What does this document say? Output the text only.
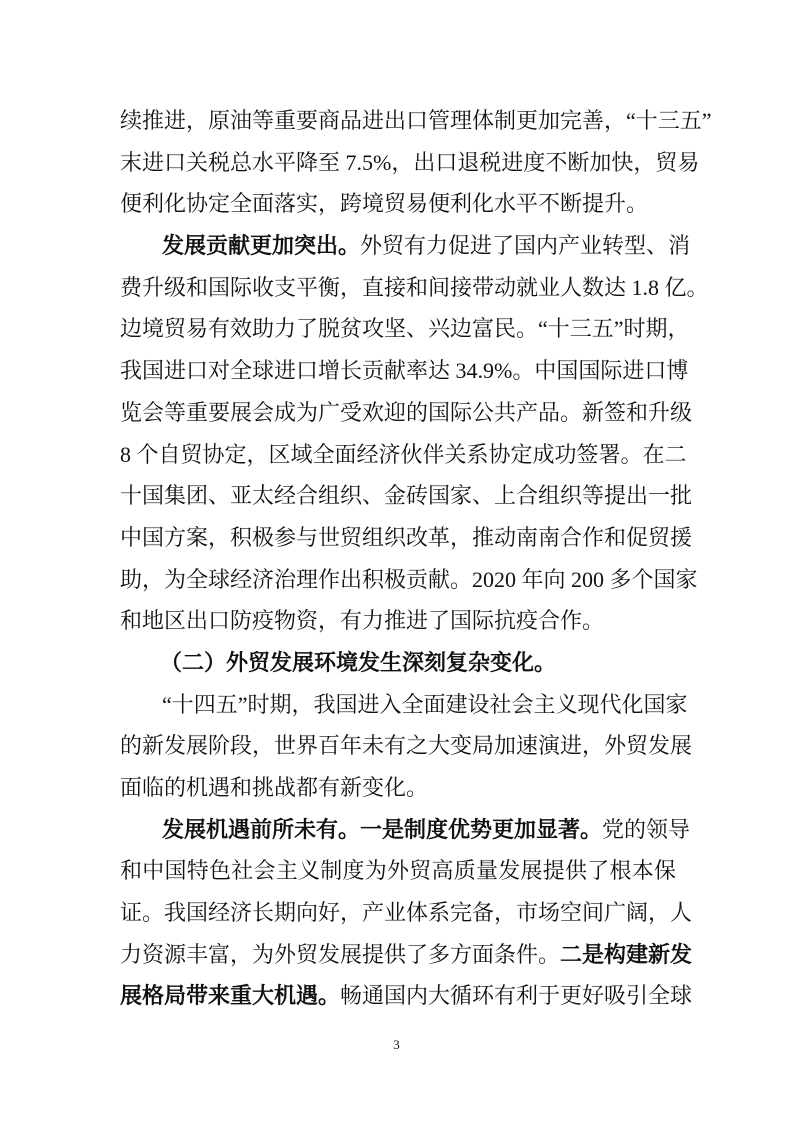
续推进，原油等重要商品进出口管理体制更加完善，“十三五”
末进口关税总水平降至 7.5%，出口退税进度不断加快，贸易
便利化协定全面落实，跨境贸易便利化水平不断提升。
发展贡献更加突出。外贸有力促进了国内产业转型、消
费升级和国际收支平衡，直接和间接带动就业人数达 1.8 亿。
边境贸易有效助力了脱贫攻坚、兴边富民。“十三五”时期，
我国进口对全球进口增长贡献率达 34.9%。中国国际进口博
览会等重要展会成为广受欢迎的国际公共产品。新签和升级
8 个自贸协定，区域全面经济伙伴关系协定成功签署。在二
十国集团、亚太经合组织、金砖国家、上合组织等提出一批
中国方案，积极参与世贸组织改革，推动南南合作和促贸援
助，为全球经济治理作出积极贡献。2020 年向 200 多个国家
和地区出口防疫物资，有力推进了国际抗疫合作。
（二）外贸发展环境发生深刻复杂变化。
“十四五”时期，我国进入全面建设社会主义现代化国家
的新发展阶段，世界百年未有之大变局加速演进，外贸发展
面临的机遇和挑战都有新变化。
发展机遇前所未有。一是制度优势更加显著。党的领导
和中国特色社会主义制度为外贸高质量发展提供了根本保
证。我国经济长期向好，产业体系完备，市场空间广阔，人
力资源丰富，为外贸发展提供了多方面条件。二是构建新发
展格局带来重大机遇。畅通国内大循环有利于更好吸引全球
3
